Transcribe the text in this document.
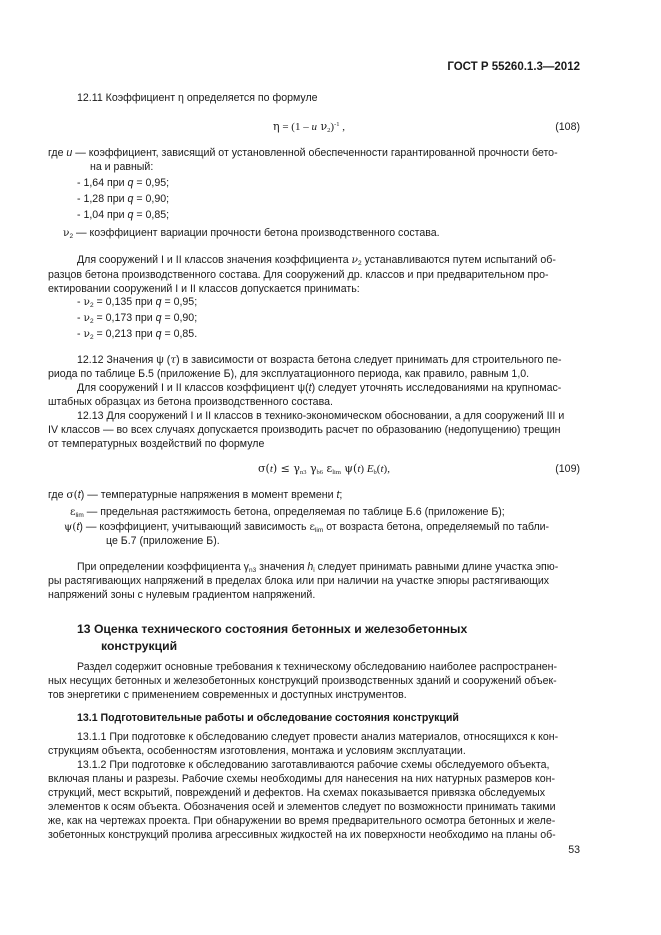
ГОСТ Р 55260.1.3—2012
12.11 Коэффициент η определяется по формуле
η = (1 – u $\nu_2)^{-1}$ ,	(108)
где u — коэффициент, зависящий от установленной обеспеченности гарантированной прочности бето-
на и равный:
- 1,64 при q = 0,95;
- 1,28 при q = 0,90;
- 1,04 при q = 0,85;
$\nu_2$ — коэффициент вариации прочности бетона производственного состава.
Для сооружений I и II классов значения коэффициента $\nu_2$ устанавливаются путем испытаний об-
разцов бетона производственного состава. Для сооружений др. классов и при предварительном про-
ектировании сооружений I и II классов допускается принимать:
- $\nu_2 = 0,135$ при q = 0,95;
- $\nu_2 = 0,173$ при q = 0,90;
- $\nu_2 = 0,213$ при q = 0,85.
12.12 Значения ψ (τ) в зависимости от возраста бетона следует принимать для строительного пе-
риода по таблице Б.5 (приложение Б), для эксплуатационного периода, как правило, равным 1,0.
Для сооружений I и II классов коэффициент ψ(t) следует уточнять исследованиями на крупномас-
штабных образцах из бетона производственного состава.
12.13 Для сооружений I и II классов в технико-экономическом обосновании, а для сооружений III и
IV классов — во всех случаях допускается производить расчет по образованию (недопущению) трещин
от температурных воздействий по формуле
$\sigma(t) \le \gamma_{n3}$ $\gamma_{b6}$ $\varepsilon_{lim}$ ψ(t) $E_b(t)$,	(109)
где σ(t) — температурные напряжения в момент времени t;
$\varepsilon_{lim}$ — предельная растяжимость бетона, определяемая по таблице Б.6 (приложение Б);
ψ(t) — коэффициент, учитывающий зависимость $\varepsilon_{lim}$ от возраста бетона, определяемый по табли-
це Б.7 (приложение Б).
При определении коэффициента $\gamma_{n3}$ значения $h_i$ следует принимать равными длине участка эпю-
ры растягивающих напряжений в пределах блока или при наличии на участке эпюры растягивающих
напряжений зоны с нулевым градиентом напряжений.
13 Оценка технического состояния бетонных и железобетонных
конструкций
Раздел содержит основные требования к техническому обследованию наиболее распространен-
ных несущих бетонных и железобетонных конструкций производственных зданий и сооружений объек-
тов энергетики с применением современных и доступных инструментов.
13.1 Подготовительные работы и обследование состояния конструкций
13.1.1 При подготовке к обследованию следует провести анализ материалов, относящихся к кон-
струкциям объекта, особенностям изготовления, монтажа и условиям эксплуатации.
13.1.2 При подготовке к обследованию заготавливаются рабочие схемы обследуемого объекта,
включая планы и разрезы. Рабочие схемы необходимы для нанесения на них натурных размеров кон-
струкций, мест вскрытий, повреждений и дефектов. На схемах показывается привязка обследуемых
элементов к осям объекта. Обозначения осей и элементов следует по возможности принимать такими
же, как на чертежах проекта. При обнаружении во время предварительного осмотра бетонных и желе-
зобетонных конструкций пролива агрессивных жидкостей на их поверхности необходимо на планы об-
53
